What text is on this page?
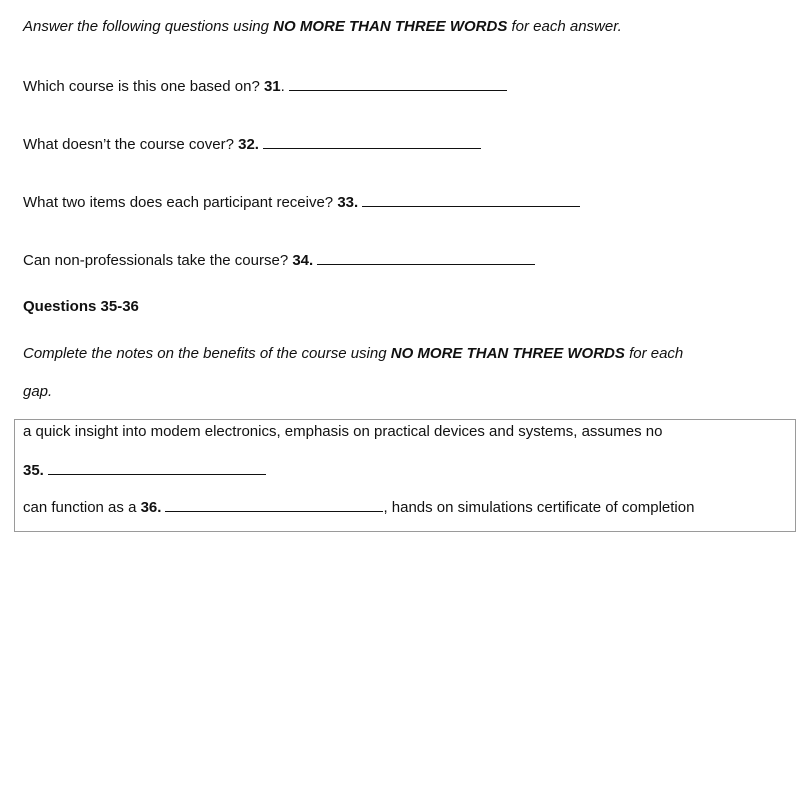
Answer the following questions using NO MORE THAN THREE WORDS for each answer.
Which course is this one based on? 31.
What doesn’t the course cover? 32.
What two items does each participant receive? 33.
Can non-professionals take the course? 34.
Questions 35-36
Complete the notes on the benefits of the course using NO MORE THAN THREE WORDS for each
gap.
a quick insight into modem electronics, emphasis on practical devices and systems, assumes no
35.
can function as a 36.	, hands on simulations certificate of completion
